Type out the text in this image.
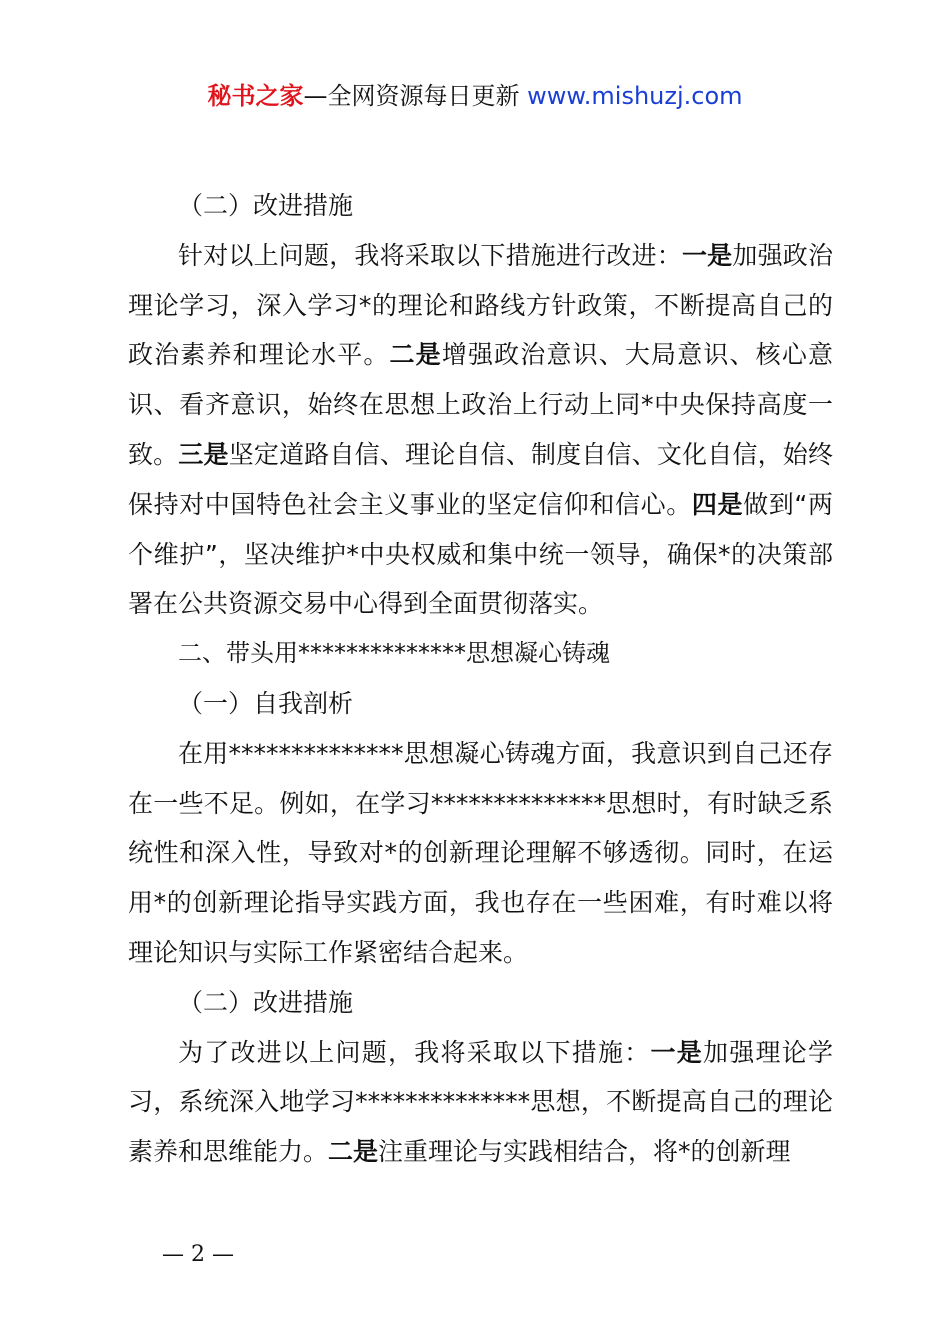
秘书之家—全网资源每日更新 www.mishuzj.com

（二）改进措施

针对以上问题，我将采取以下措施进行改进：一是加强政治理论学习，深入学习*的理论和路线方针政策，不断提高自己的政治素养和理论水平。二是增强政治意识、大局意识、核心意识、看齐意识，始终在思想上政治上行动上同*中央保持高度一致。三是坚定道路自信、理论自信、制度自信、文化自信，始终保持对中国特色社会主义事业的坚定信仰和信心。四是做到“两个维护”，坚决维护*中央权威和集中统一领导，确保*的决策部署在公共资源交易中心得到全面贯彻落实。

二、带头用**************思想凝心铸魂

（一）自我剖析

在用**************思想凝心铸魂方面，我意识到自己还存在一些不足。例如，在学习**************思想时，有时缺乏系统性和深入性，导致对*的创新理论理解不够透彻。同时，在运用*的创新理论指导实践方面，我也存在一些困难，有时难以将理论知识与实际工作紧密结合起来。

（二）改进措施

为了改进以上问题，我将采取以下措施：一是加强理论学习，系统深入地学习**************思想，不断提高自己的理论素养和思维能力。二是注重理论与实践相结合，将*的创新理

— 2 —
